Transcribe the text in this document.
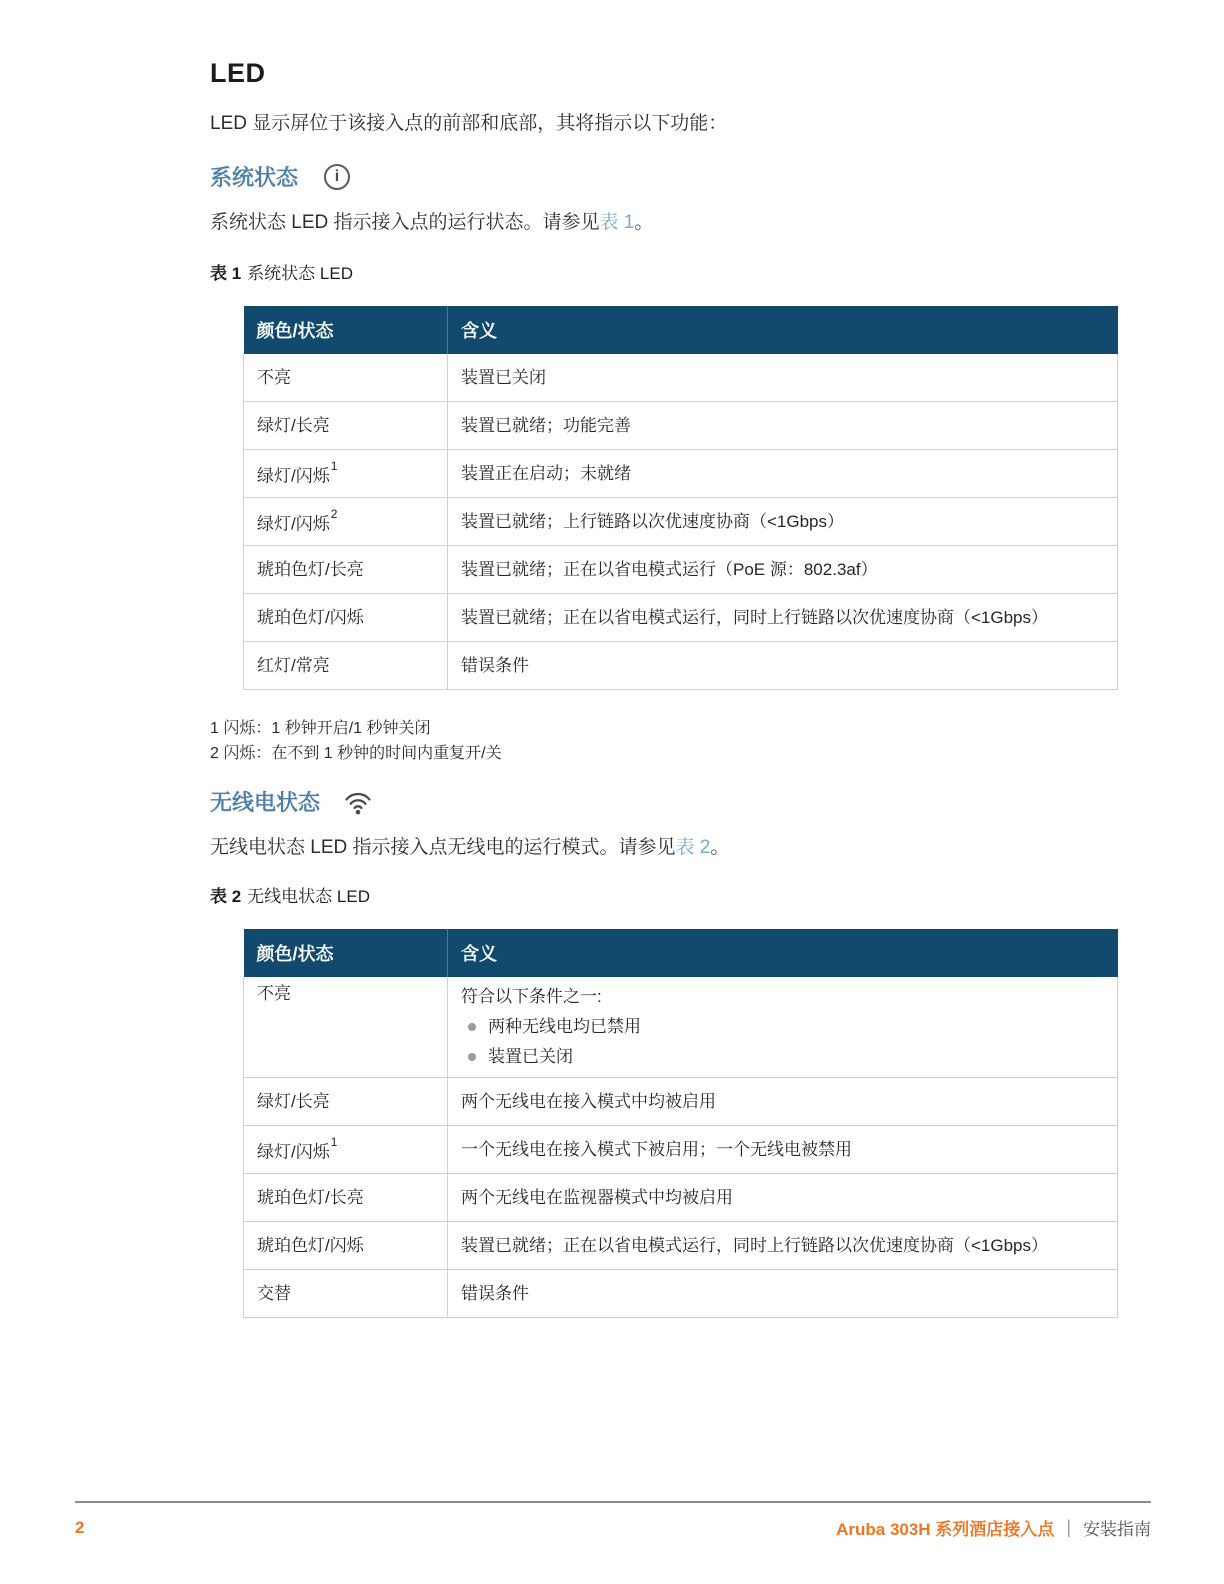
LED

LED 显示屏位于该接入点的前部和底部，其将指示以下功能：

系统状态
i

系统状态 LED 指示接入点的运行状态。请参见表 1。

表 1 系统状态 LED

颜色/状态	含义
不亮	装置已关闭
绿灯/长亮	装置已就绪；功能完善
绿灯/闪烁$^1$	装置正在启动；未就绪
绿灯/闪烁$^2$	装置已就绪；上行链路以次优速度协商（<1Gbps）
琥珀色灯/长亮	装置已就绪；正在以省电模式运行（PoE 源：802.3af）
琥珀色灯/闪烁	装置已就绪；正在以省电模式运行，同时上行链路以次优速度协商（<1Gbps）
红灯/常亮	错误条件
1 闪烁：1 秒钟开启/1 秒钟关闭
2 闪烁：在不到 1 秒钟的时间内重复开/关
无线电状态

无线电状态 LED 指示接入点无线电的运行模式。请参见表 2。

表 2 无线电状态 LED

颜色/状态	含义
不亮	符合以下条件之一:
两种无线电均已禁用
装置已关闭

绿灯/长亮	两个无线电在接入模式中均被启用
绿灯/闪烁$^1$	一个无线电在接入模式下被启用；一个无线电被禁用
琥珀色灯/长亮	两个无线电在监视器模式中均被启用
琥珀色灯/闪烁	装置已就绪；正在以省电模式运行，同时上行链路以次优速度协商（<1Gbps）
交替	错误条件
2	Aruba 303H 系列酒店接入点 | 安装指南
